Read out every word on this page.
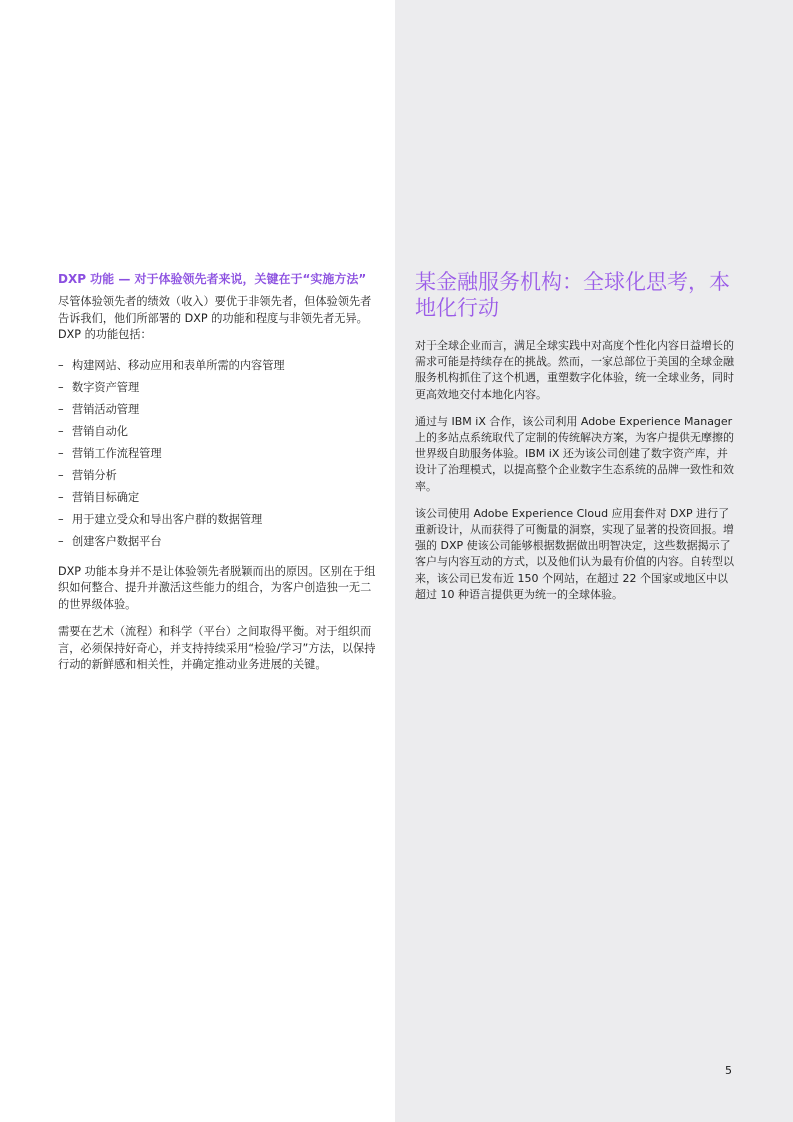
DXP 功能 — 对于体验领先者来说，关键在于“实施方法”

尽管体验领先者的绩效（收入）要优于非领先者，但体验领先者告诉我们，他们所部署的 DXP 的功能和程度与非领先者无异。DXP 的功能包括：

– 构建网站、移动应用和表单所需的内容管理
– 数字资产管理
– 营销活动管理
– 营销自动化
– 营销工作流程管理
– 营销分析
– 营销目标确定
– 用于建立受众和导出客户群的数据管理
– 创建客户数据平台

DXP 功能本身并不是让体验领先者脱颖而出的原因。区别在于组织如何整合、提升并激活这些能力的组合，为客户创造独一无二的世界级体验。

需要在艺术（流程）和科学（平台）之间取得平衡。对于组织而言，必须保持好奇心，并支持持续采用“检验/学习”方法，以保持行动的新鲜感和相关性，并确定推动业务进展的关键。

某金融服务机构：全球化思考，本地化行动

对于全球企业而言，满足全球实践中对高度个性化内容日益增长的需求可能是持续存在的挑战。然而，一家总部位于美国的全球金融服务机构抓住了这个机遇，重塑数字化体验，统一全球业务，同时更高效地交付本地化内容。

通过与 IBM iX 合作，该公司利用 Adobe Experience Manager 上的多站点系统取代了定制的传统解决方案，为客户提供无摩擦的世界级自助服务体验。IBM iX 还为该公司创建了数字资产库，并设计了治理模式，以提高整个企业数字生态系统的品牌一致性和效率。

该公司使用 Adobe Experience Cloud 应用套件对 DXP 进行了重新设计，从而获得了可衡量的洞察，实现了显著的投资回报。增强的 DXP 使该公司能够根据数据做出明智决定，这些数据揭示了客户与内容互动的方式，以及他们认为最有价值的内容。自转型以来，该公司已发布近 150 个网站，在超过 22 个国家或地区中以超过 10 种语言提供更为统一的全球体验。

5
